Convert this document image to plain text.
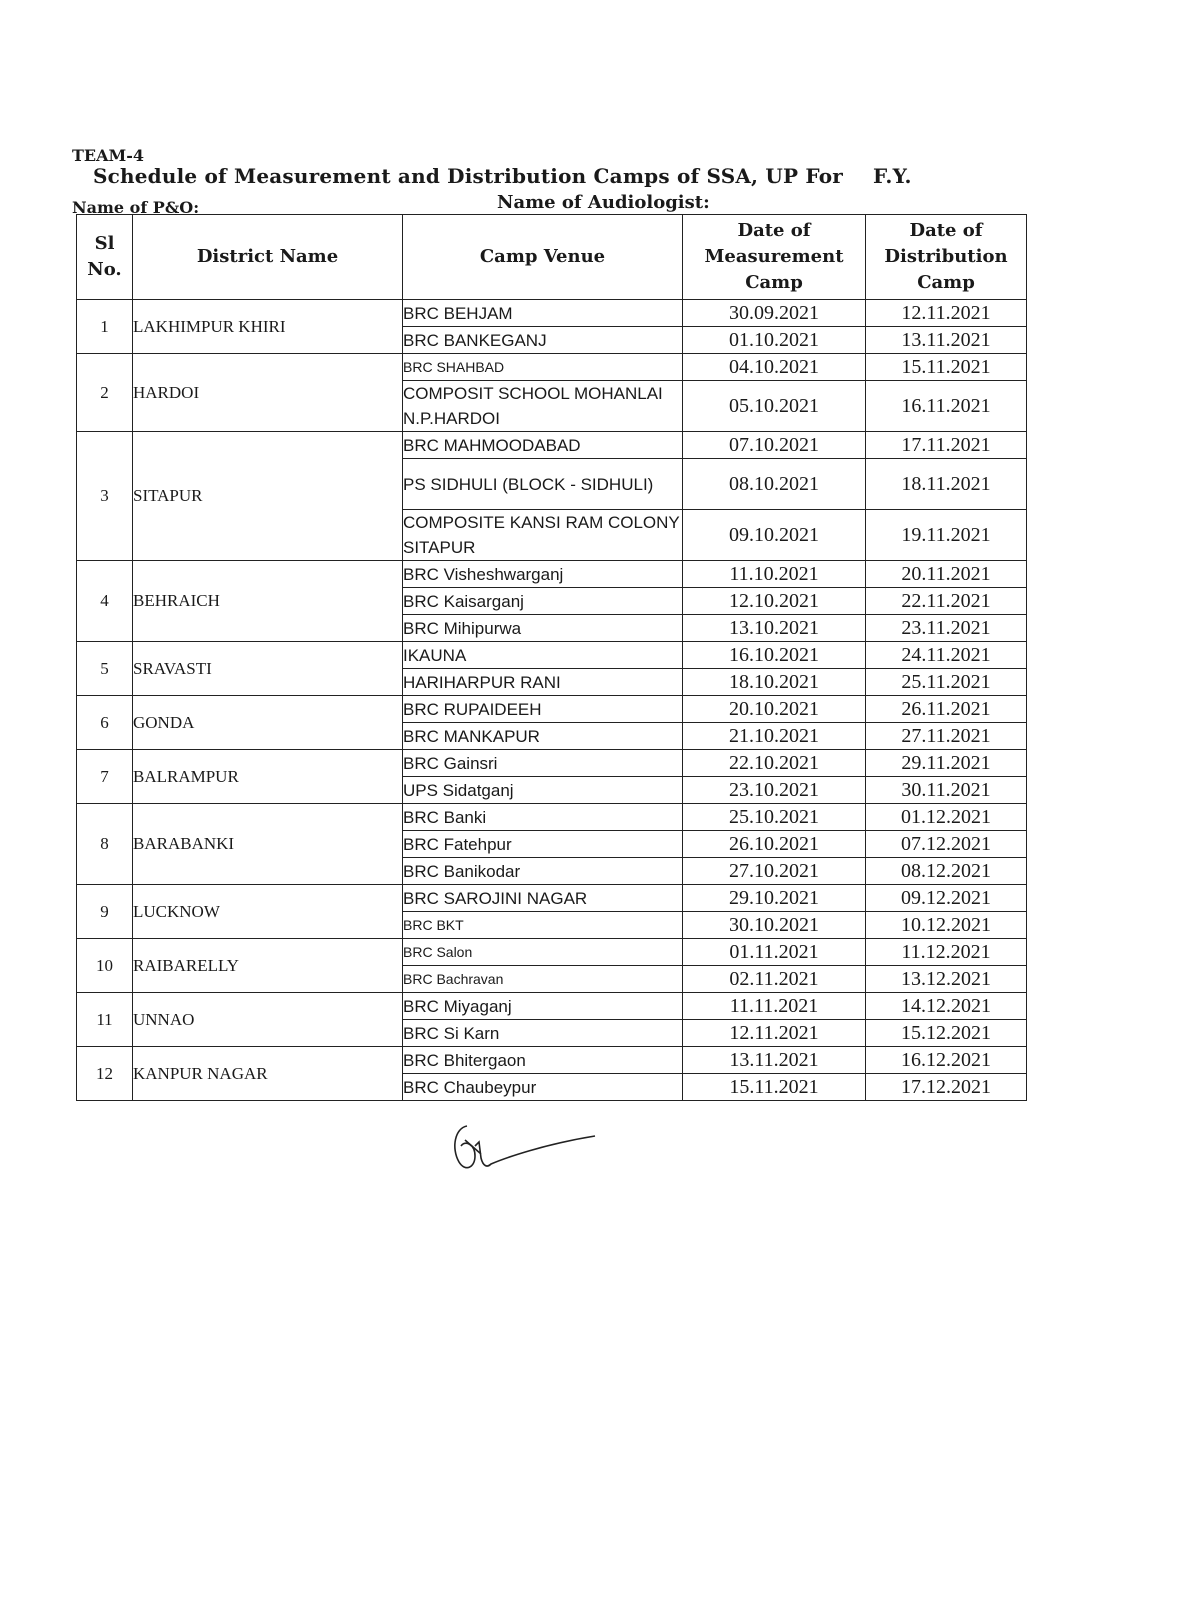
TEAM-4
Schedule of Measurement and Distribution Camps of SSA, UP For F.Y.
Name of P&O:	Name of Audiologist:
Sl No.	District Name	Camp Venue	Date of Measurement Camp	Date of Distribution Camp
1	LAKHIMPUR KHIRI	BRC BEHJAM	30.09.2021	12.11.2021
		BRC BANKEGANJ	01.10.2021	13.11.2021
2	HARDOI	BRC SHAHBAD	04.10.2021	15.11.2021
		COMPOSIT SCHOOL MOHANLAI N.P.HARDOI	05.10.2021	16.11.2021
3	SITAPUR	BRC MAHMOODABAD	07.10.2021	17.11.2021
		PS SIDHULI (BLOCK - SIDHULI)	08.10.2021	18.11.2021
		COMPOSITE KANSI RAM COLONY SITAPUR	09.10.2021	19.11.2021
4	BEHRAICH	BRC Visheshwarganj	11.10.2021	20.11.2021
		BRC Kaisarganj	12.10.2021	22.11.2021
		BRC Mihipurwa	13.10.2021	23.11.2021
5	SRAVASTI	IKAUNA	16.10.2021	24.11.2021
		HARIHARPUR RANI	18.10.2021	25.11.2021
6	GONDA	BRC RUPAIDEEH	20.10.2021	26.11.2021
		BRC MANKAPUR	21.10.2021	27.11.2021
7	BALRAMPUR	BRC Gainsri	22.10.2021	29.11.2021
		UPS Sidatganj	23.10.2021	30.11.2021
8	BARABANKI	BRC Banki	25.10.2021	01.12.2021
		BRC Fatehpur	26.10.2021	07.12.2021
		BRC Banikodar	27.10.2021	08.12.2021
9	LUCKNOW	BRC SAROJINI NAGAR	29.10.2021	09.12.2021
		BRC BKT	30.10.2021	10.12.2021
10	RAIBARELLY	BRC Salon	01.11.2021	11.12.2021
		BRC Bachravan	02.11.2021	13.12.2021
11	UNNAO	BRC Miyaganj	11.11.2021	14.12.2021
		BRC Si Karn	12.11.2021	15.12.2021
12	KANPUR NAGAR	BRC Bhitergaon	13.11.2021	16.12.2021
		BRC Chaubeypur	15.11.2021	17.12.2021
